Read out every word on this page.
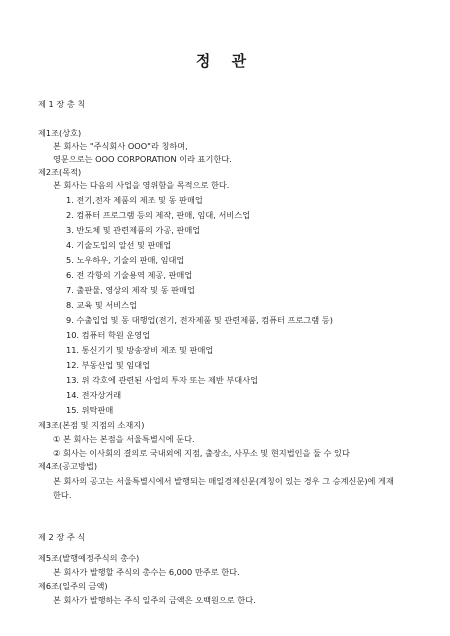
정 관
제 1 장 총 칙
제1조(상호)
본 회사는 "주식회사 OOO"라 칭하며,
영문으로는 OOO CORPORATION 이라 표기한다.
제2조(목적)
본 회사는 다음의 사업을 영위함을 목적으로 한다.
1. 전기,전자 제품의 제조 및 동 판매업
2. 컴퓨터 프로그램 등의 제작, 판매, 임대, 서비스업
3. 반도체 및 관련제품의 가공, 판매업
4. 기술도입의 알선 및 판매업
5. 노우하우, 기술의 판매, 임대업
6. 전 각항의 기술용역 제공, 판매업
7. 출판물, 영상의 제작 및 동 판매업
8. 교육 및 서비스업
9. 수출입업 및 동 대행업(전기, 전자제품 및 관련제품, 컴퓨터 프로그램 등)
10. 컴퓨터 학원 운영업
11. 통신기기 및 방송장비 제조 및 판매업
12. 부동산업 및 임대업
13. 위 각호에 관련된 사업의 투자 또는 제반 부대사업
14. 전자상거래
15. 위탁판매
제3조(본점 및 지점의 소재지)
① 본 회사는 본점을 서울특별시에 둔다.
② 회사는 이사회의 결의로 국내외에 지점, 출장소, 사무소 및 현지법인을 둘 수 있다
제4조(공고방법)
본 회사의 공고는 서울특별시에서 발행되는 매일경제신문(계칭이 있는 경우 그 승계신문)에 게재한다.
제 2 장 주 식
제5조(발행예정주식의 총수)
본 회사가 발행할 주식의 총수는 6,000 만주로 한다.
제6조(일주의 금액)
본 회사가 발행하는 주식 일주의 금액은 오백원으로 한다.
